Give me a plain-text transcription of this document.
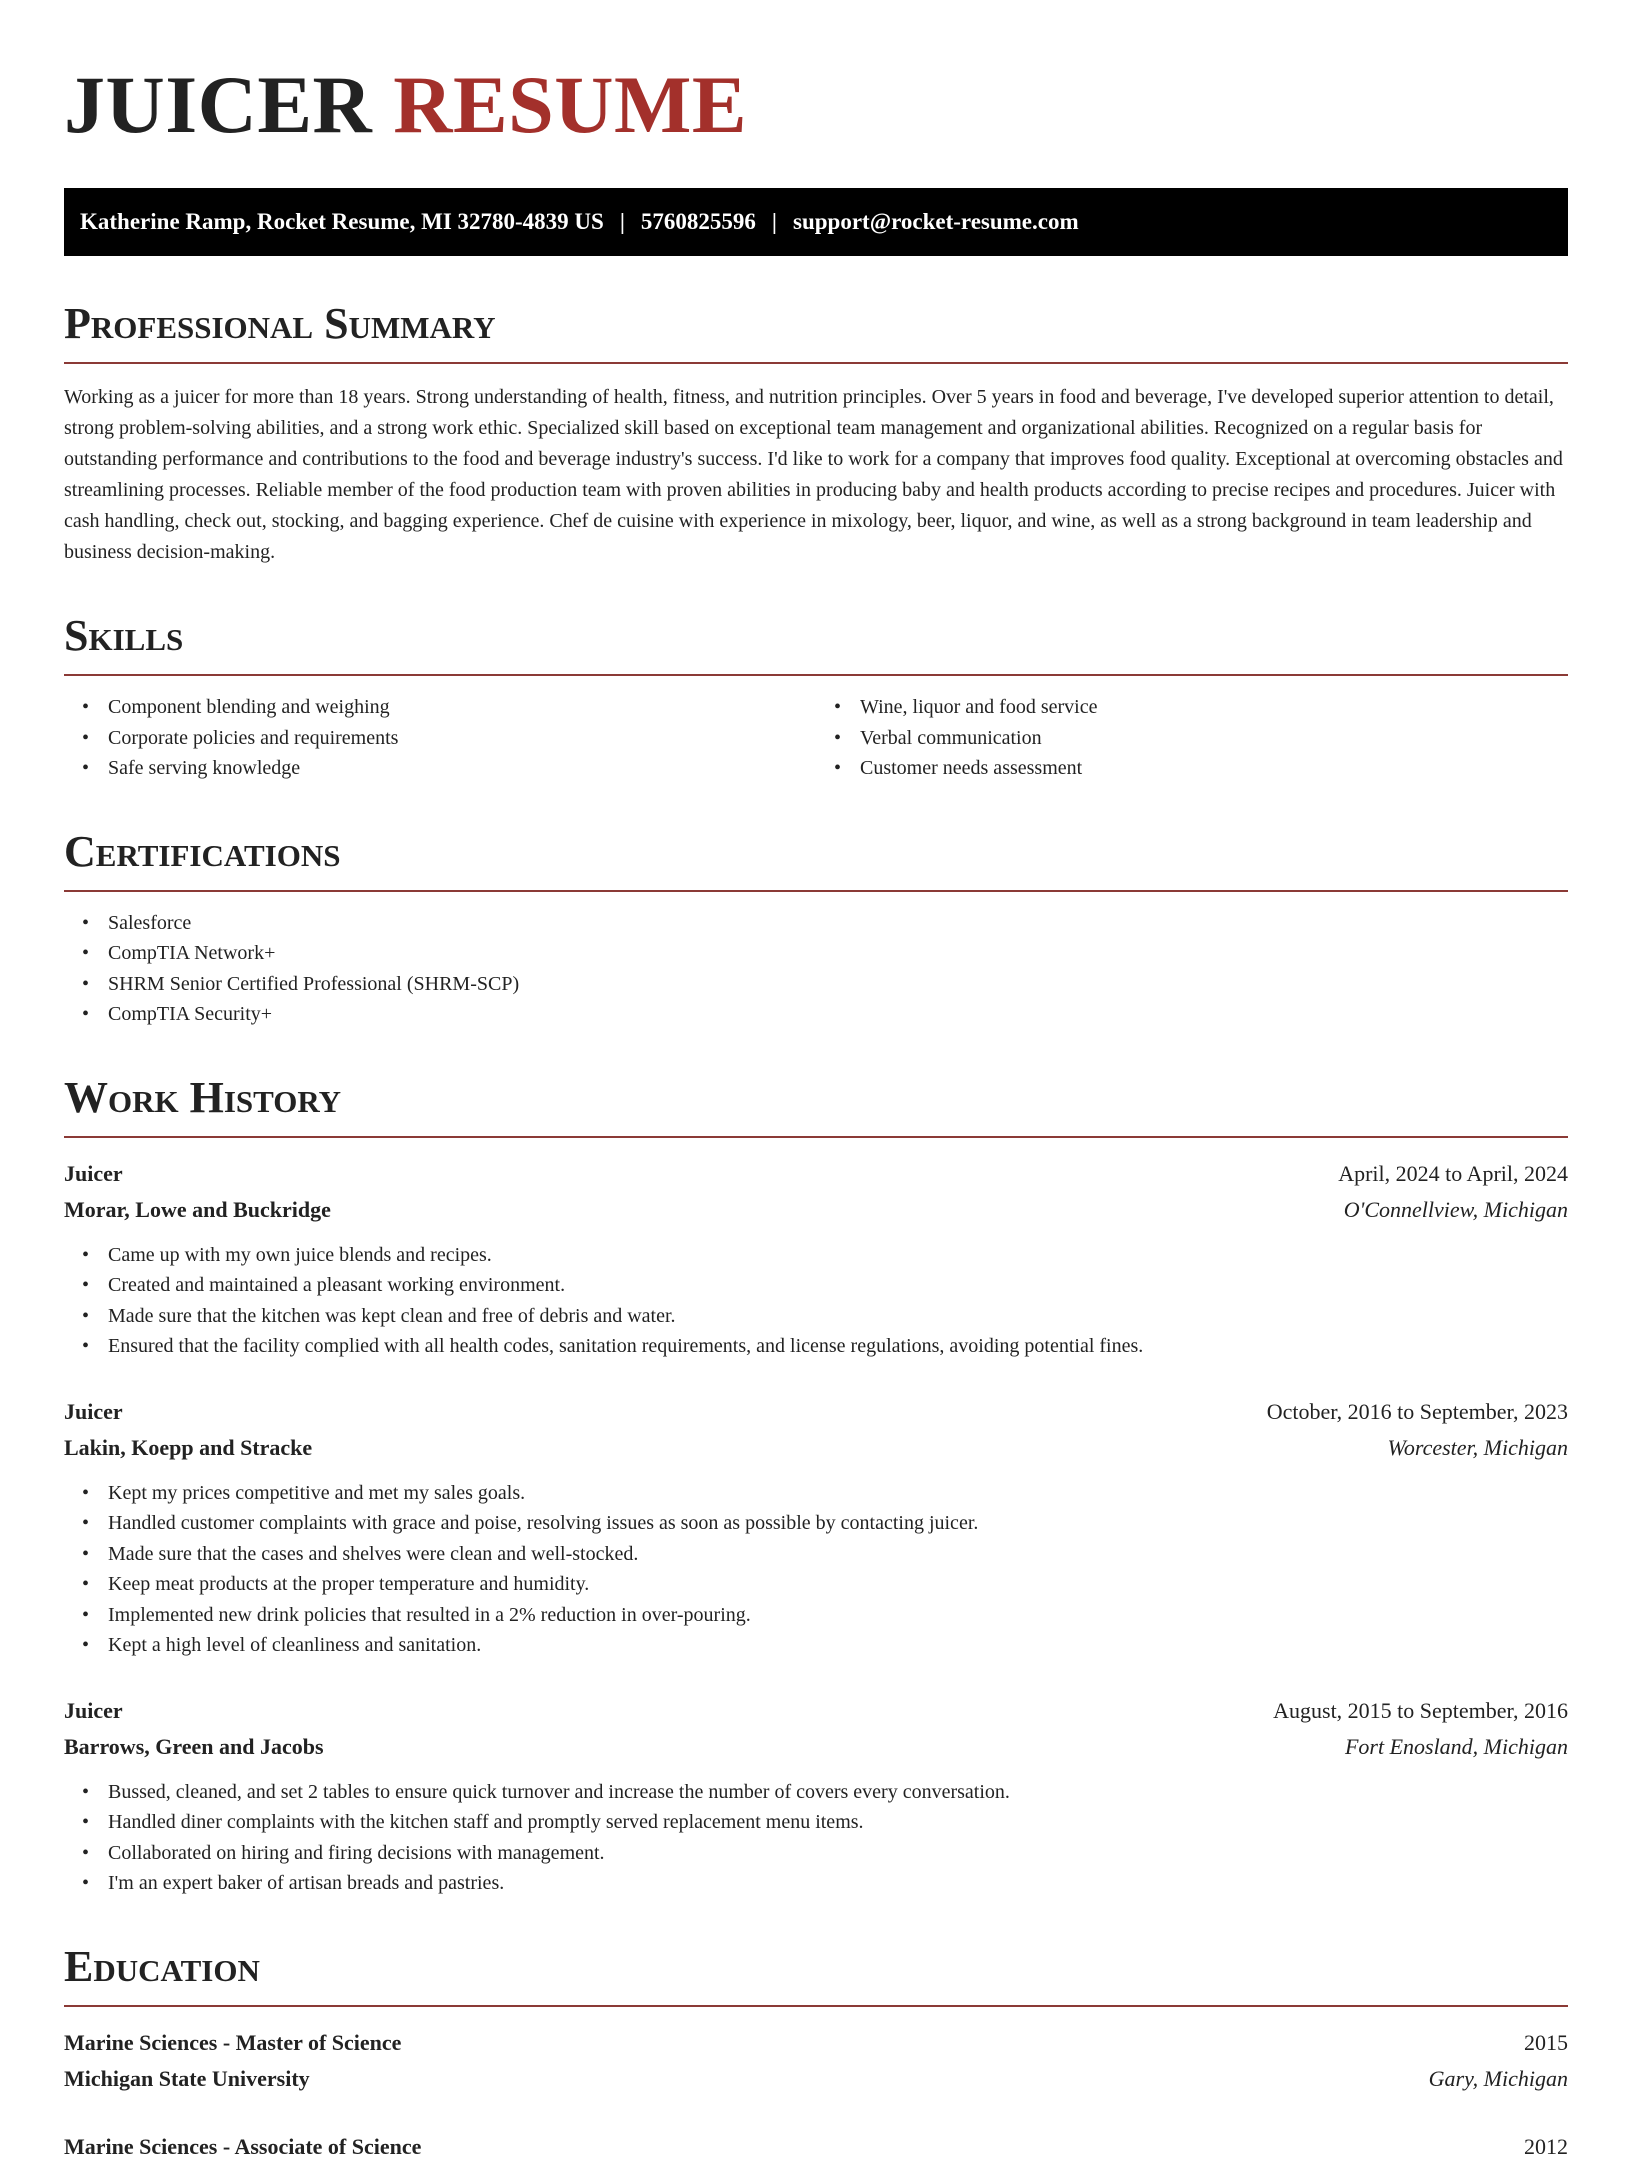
JUICER RESUME
Katherine Ramp, Rocket Resume, MI 32780-4839 US | 5760825596 | support@rocket-resume.com
Professional Summary

Working as a juicer for more than 18 years. Strong understanding of health, fitness, and nutrition principles. Over 5 years in food and beverage, I've developed superior attention to detail, strong problem-solving abilities, and a strong work ethic. Specialized skill based on exceptional team management and organizational abilities. Recognized on a regular basis for outstanding performance and contributions to the food and beverage industry's success. I'd like to work for a company that improves food quality. Exceptional at overcoming obstacles and streamlining processes. Reliable member of the food production team with proven abilities in producing baby and health products according to precise recipes and procedures. Juicer with cash handling, check out, stocking, and bagging experience. Chef de cuisine with experience in mixology, beer, liquor, and wine, as well as a strong background in team leadership and business decision-making.

Skills
• Component blending and weighing
• Corporate policies and requirements
• Safe serving knowledge
• Wine, liquor and food service
• Verbal communication
• Customer needs assessment
Certifications
• Salesforce
• CompTIA Network+
• SHRM Senior Certified Professional (SHRM-SCP)
• CompTIA Security+
Work History
Juicer	April, 2024 to April, 2024
Morar, Lowe and Buckridge	O'Connellview, Michigan
• Came up with my own juice blends and recipes.
• Created and maintained a pleasant working environment.
• Made sure that the kitchen was kept clean and free of debris and water.
• Ensured that the facility complied with all health codes, sanitation requirements, and license regulations, avoiding potential fines.
Juicer	October, 2016 to September, 2023
Lakin, Koepp and Stracke	Worcester, Michigan
• Kept my prices competitive and met my sales goals.
• Handled customer complaints with grace and poise, resolving issues as soon as possible by contacting juicer.
• Made sure that the cases and shelves were clean and well-stocked.
• Keep meat products at the proper temperature and humidity.
• Implemented new drink policies that resulted in a 2% reduction in over-pouring.
• Kept a high level of cleanliness and sanitation.
Juicer	August, 2015 to September, 2016
Barrows, Green and Jacobs	Fort Enosland, Michigan
• Bussed, cleaned, and set 2 tables to ensure quick turnover and increase the number of covers every conversation.
• Handled diner complaints with the kitchen staff and promptly served replacement menu items.
• Collaborated on hiring and firing decisions with management.
• I'm an expert baker of artisan breads and pastries.
Education
Marine Sciences - Master of Science	2015
Michigan State University	Gary, Michigan
Marine Sciences - Associate of Science	2012
